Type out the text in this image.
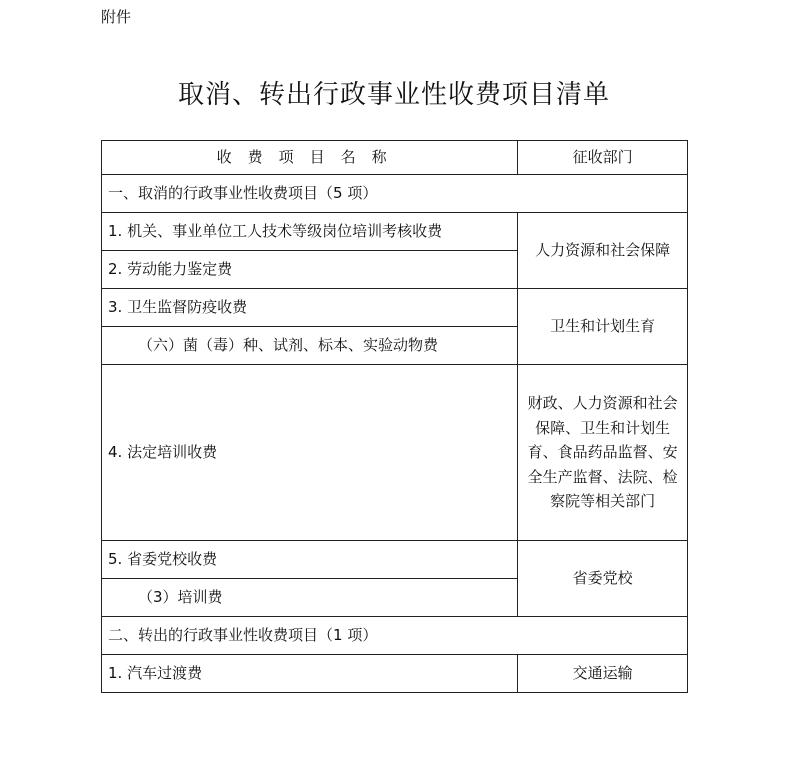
附件
取消、转出行政事业性收费项目清单
收费项目名称	征收部门
一、取消的行政事业性收费项目（5 项）	
1. 机关、事业单位工人技术等级岗位培训考核收费	人力资源和社会保障
2. 劳动能力鉴定费	
3. 卫生监督防疫收费	卫生和计划生育
（六）菌（毒）种、试剂、标本、实验动物费	
4. 法定培训收费	财政、人力资源和社会保障、卫生和计划生育、食品药品监督、安全生产监督、法院、检察院等相关部门
5. 省委党校收费	省委党校
（3）培训费	
二、转出的行政事业性收费项目（1 项）	
1. 汽车过渡费	交通运输
